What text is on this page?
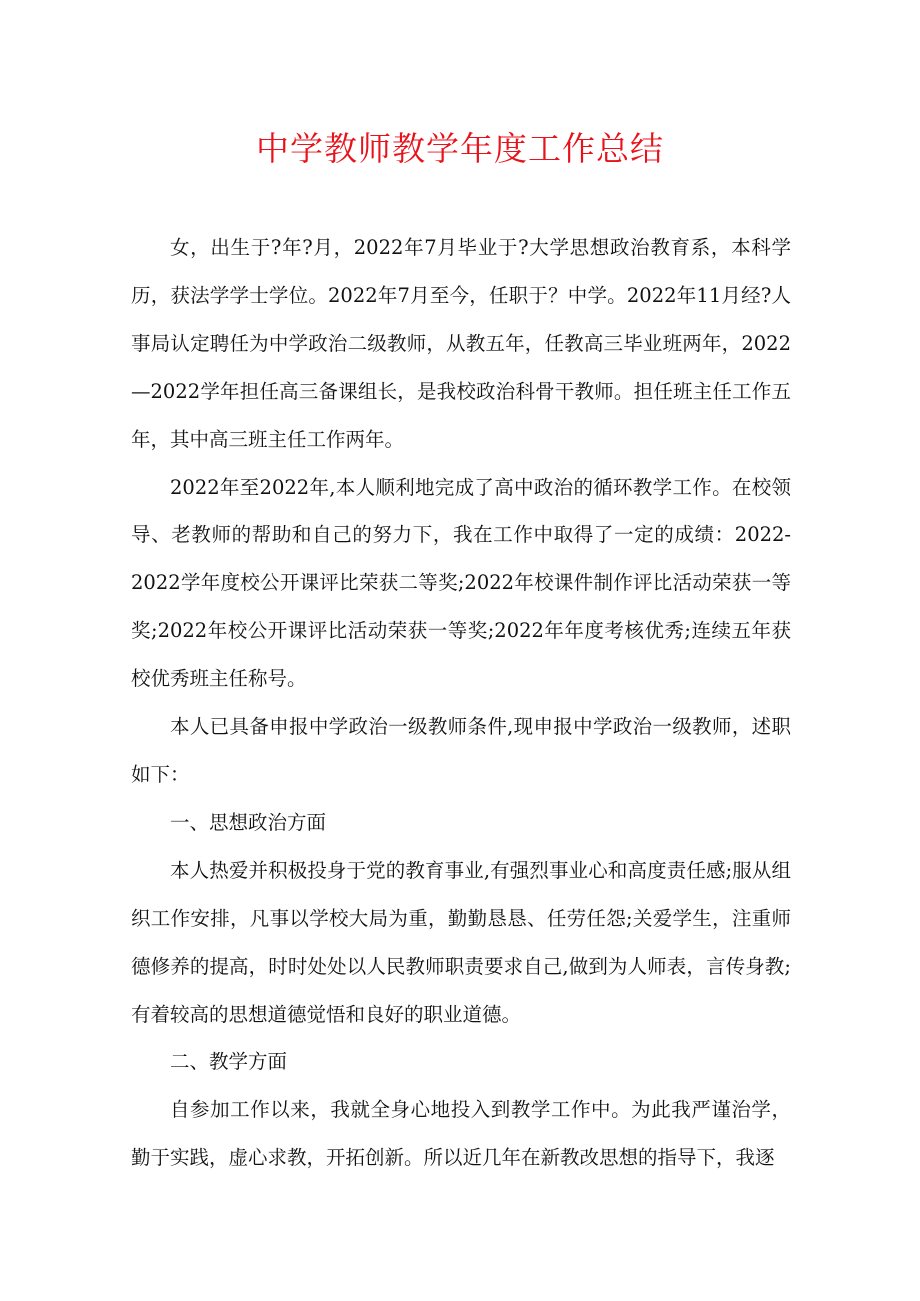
中学教师教学年度工作总结

女，出生于?年?月，2022年7月毕业于?大学思想政治教育系，本科学历，获法学学士学位。2022年7月至今，任职于？中学。2022年11月经?人事局认定聘任为中学政治二级教师，从教五年，任教高三毕业班两年，2022—2022学年担任高三备课组长，是我校政治科骨干教师。担任班主任工作五年，其中高三班主任工作两年。

2022年至2022年,本人顺利地完成了高中政治的循环教学工作。在校领导、老教师的帮助和自己的努力下，我在工作中取得了一定的成绩：2022-2022学年度校公开课评比荣获二等奖;2022年校课件制作评比活动荣获一等奖;2022年校公开课评比活动荣获一等奖;2022年年度考核优秀;连续五年获校优秀班主任称号。

本人已具备申报中学政治一级教师条件,现申报中学政治一级教师，述职如下：

一、思想政治方面

本人热爱并积极投身于党的教育事业,有强烈事业心和高度责任感;服从组织工作安排，凡事以学校大局为重，勤勤恳恳、任劳任怨;关爱学生，注重师德修养的提高，时时处处以人民教师职责要求自己,做到为人师表，言传身教;有着较高的思想道德觉悟和良好的职业道德。

二、教学方面

自参加工作以来，我就全身心地投入到教学工作中。为此我严谨治学，勤于实践，虚心求教，开拓创新。所以近几年在新教改思想的指导下，我逐
